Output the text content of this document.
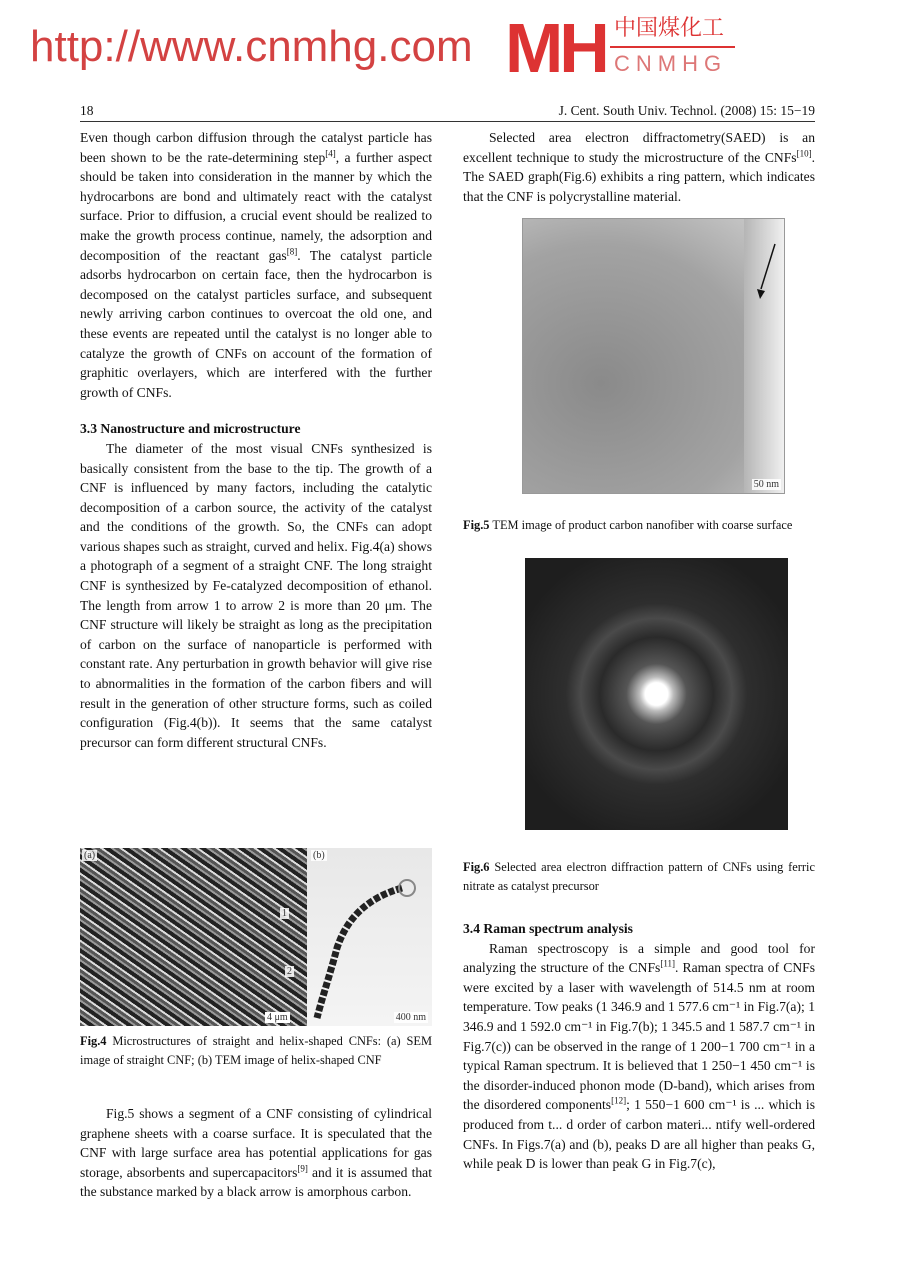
18	J. Cent. South Univ. Technol. (2008) 15: 15−19

Even though carbon diffusion through the catalyst particle has been shown to be the rate-determining step[4], a further aspect should be taken into consideration in the manner by which the hydrocarbons are bond and ultimately react with the catalyst surface. Prior to diffusion, a crucial event should be realized to make the growth process continue, namely, the adsorption and decomposition of the reactant gas[8]. The catalyst particle adsorbs hydrocarbon on certain face, then the hydrocarbon is decomposed on the catalyst particles surface, and subsequent newly arriving carbon continues to overcoat the old one, and these events are repeated until the catalyst is no longer able to catalyze the growth of CNFs on account of the formation of graphitic overlayers, which are interfered with the further growth of CNFs.

3.3 Nanostructure and microstructure

The diameter of the most visual CNFs synthesized is basically consistent from the base to the tip. The growth of a CNF is influenced by many factors, including the catalytic decomposition of a carbon source, the activity of the catalyst and the conditions of the growth. So, the CNFs can adopt various shapes such as straight, curved and helix. Fig.4(a) shows a photograph of a segment of a straight CNF. The long straight CNF is synthesized by Fe-catalyzed decomposition of ethanol. The length from arrow 1 to arrow 2 is more than 20 μm. The CNF structure will likely be straight as long as the precipitation of carbon on the surface of nanoparticle is performed with constant rate. Any perturbation in growth behavior will give rise to abnormalities in the formation of the carbon fibers and will result in the generation of other structure forms, such as coiled configuration (Fig.4(b)). It seems that the same catalyst precursor can form different structural CNFs.

(a)
1
2
4 μm
(b)
400 nm
Fig.4 Microstructures of straight and helix-shaped CNFs: (a) SEM image of straight CNF; (b) TEM image of helix-shaped CNF
Fig.5 shows a segment of a CNF consisting of cylindrical graphene sheets with a coarse surface. It is speculated that the CNF with large surface area has potential applications for gas storage, absorbents and supercapacitors[9] and it is assumed that the substance marked by a black arrow is amorphous carbon.

Selected area electron diffractometry(SAED) is an excellent technique to study the microstructure of the CNFs[10]. The SAED graph(Fig.6) exhibits a ring pattern, which indicates that the CNF is polycrystalline material.

50 nm
Fig.5 TEM image of product carbon nanofiber with coarse surface
Fig.6 Selected area electron diffraction pattern of CNFs using ferric nitrate as catalyst precursor
3.4 Raman spectrum analysis

Raman spectroscopy is a simple and good tool for analyzing the structure of the CNFs[11]. Raman spectra of CNFs were excited by a laser with wavelength of 514.5 nm at room temperature. Tow peaks (1 346.9 and 1 577.6 cm⁻¹ in Fig.7(a); 1 346.9 and 1 592.0 cm⁻¹ in Fig.7(b); 1 345.5 and 1 587.7 cm⁻¹ in Fig.7(c)) can be observed in the range of 1 200−1 700 cm⁻¹ in a typical Raman spectrum. It is believed that 1 250−1 450 cm⁻¹ is the disorder-induced phonon mode (D-band), which arises from the disordered components[12]; 1 550−1 600 cm⁻¹ is ... which is produced from t... d order of carbon materi... ntify well-ordered CNFs. In Figs.7(a) and (b), peaks D are all higher than peaks G, while peak D is lower than peak G in Fig.7(c),

http://www.cnmhg.com MH 中国煤化工
CNMHG
